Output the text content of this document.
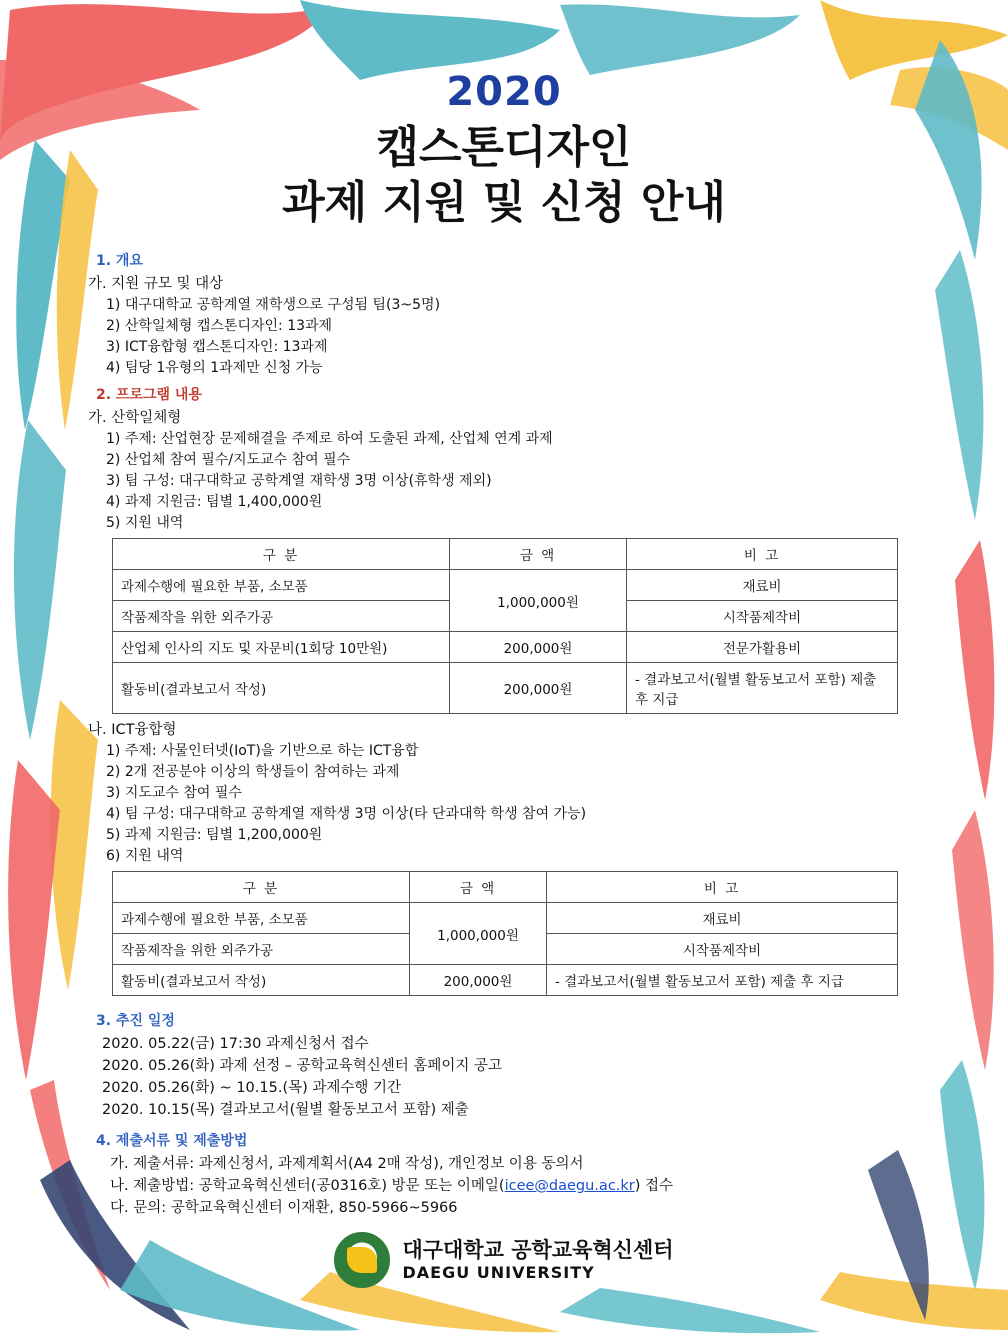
2020
캡스톤디자인
과제 지원 및 신청 안내
1. 개요
가. 지원 규모 및 대상
1) 대구대학교 공학계열 재학생으로 구성됨 팀(3~5명)
2) 산학일체형 캡스톤디자인: 13과제
3) ICT융합형 캡스톤디자인: 13과제
4) 팀당 1유형의 1과제만 신청 가능
2. 프로그램 내용
가. 산학일체형
1) 주제: 산업현장 문제해결을 주제로 하여 도출된 과제, 산업체 연계 과제
2) 산업체 참여 필수/지도교수 참여 필수
3) 팀 구성: 대구대학교 공학계열 재학생 3명 이상(휴학생 제외)
4) 과제 지원금: 팀별 1,400,000원
5) 지원 내역
구 분	금 액	비 고
과제수행에 필요한 부품, 소모품	1,000,000원	재료비
작품제작을 위한 외주가공		시작품제작비
산업체 인사의 지도 및 자문비(1회당 10만원)	200,000원	전문가활용비
활동비(결과보고서 작성)	200,000원	- 결과보고서(월별 활동보고서 포함) 제출 후 지급
나. ICT융합형
1) 주제: 사물인터넷(IoT)을 기반으로 하는 ICT융합
2) 2개 전공분야 이상의 학생들이 참여하는 과제
3) 지도교수 참여 필수
4) 팀 구성: 대구대학교 공학계열 재학생 3명 이상(타 단과대학 학생 참여 가능)
5) 과제 지원금: 팀별 1,200,000원
6) 지원 내역
구 분	금 액	비 고
과제수행에 필요한 부품, 소모품	1,000,000원	재료비
작품제작을 위한 외주가공		시작품제작비
활동비(결과보고서 작성)	200,000원	- 결과보고서(월별 활동보고서 포함) 제출 후 지급
3. 추진 일정
2020. 05.22(금) 17:30 과제신청서 접수
2020. 05.26(화) 과제 선정 – 공학교육혁신센터 홈페이지 공고
2020. 05.26(화) ~ 10.15.(목) 과제수행 기간
2020. 10.15(목) 결과보고서(월별 활동보고서 포함) 제출
4. 제출서류 및 제출방법
가. 제출서류: 과제신청서, 과제계획서(A4 2매 작성), 개인정보 이용 동의서
나. 제출방법: 공학교육혁신센터(공0316호) 방문 또는 이메일(icee@daegu.ac.kr) 접수
다. 문의: 공학교육혁신센터 이재환, 850-5966~5966
대구대학교 공학교육혁신센터
DAEGU UNIVERSITY
